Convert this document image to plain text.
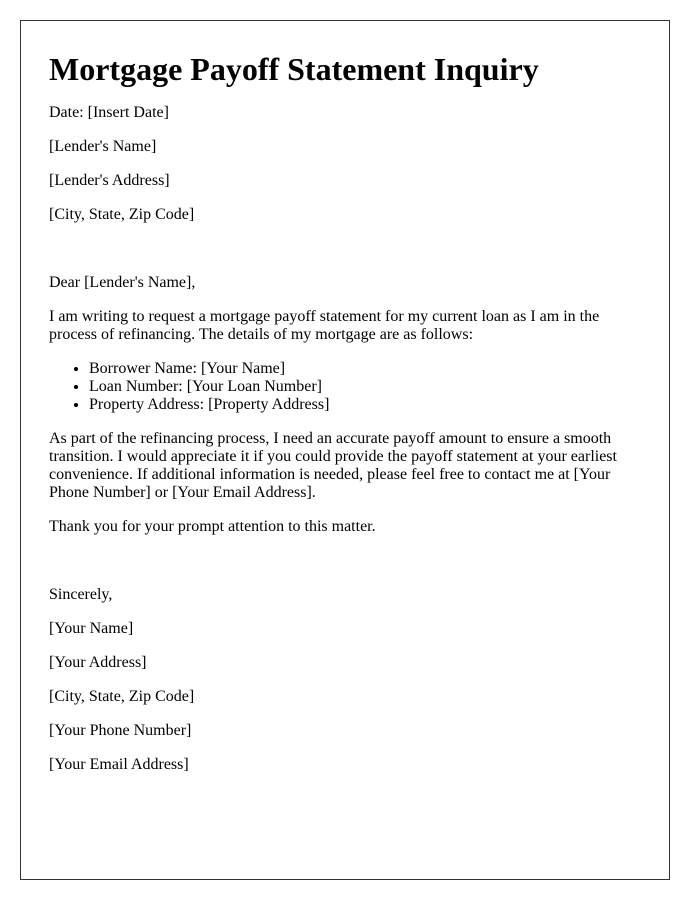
Mortgage Payoff Statement Inquiry

Date: [Insert Date]

[Lender's Name]

[Lender's Address]

[City, State, Zip Code]

Dear [Lender's Name],

I am writing to request a mortgage payoff statement for my current loan as I am in the process of refinancing. The details of my mortgage are as follows:

• Borrower Name: [Your Name]
• Loan Number: [Your Loan Number]
• Property Address: [Property Address]

As part of the refinancing process, I need an accurate payoff amount to ensure a smooth transition. I would appreciate it if you could provide the payoff statement at your earliest convenience. If additional information is needed, please feel free to contact me at [Your Phone Number] or [Your Email Address].

Thank you for your prompt attention to this matter.

Sincerely,

[Your Name]

[Your Address]

[City, State, Zip Code]

[Your Phone Number]

[Your Email Address]
